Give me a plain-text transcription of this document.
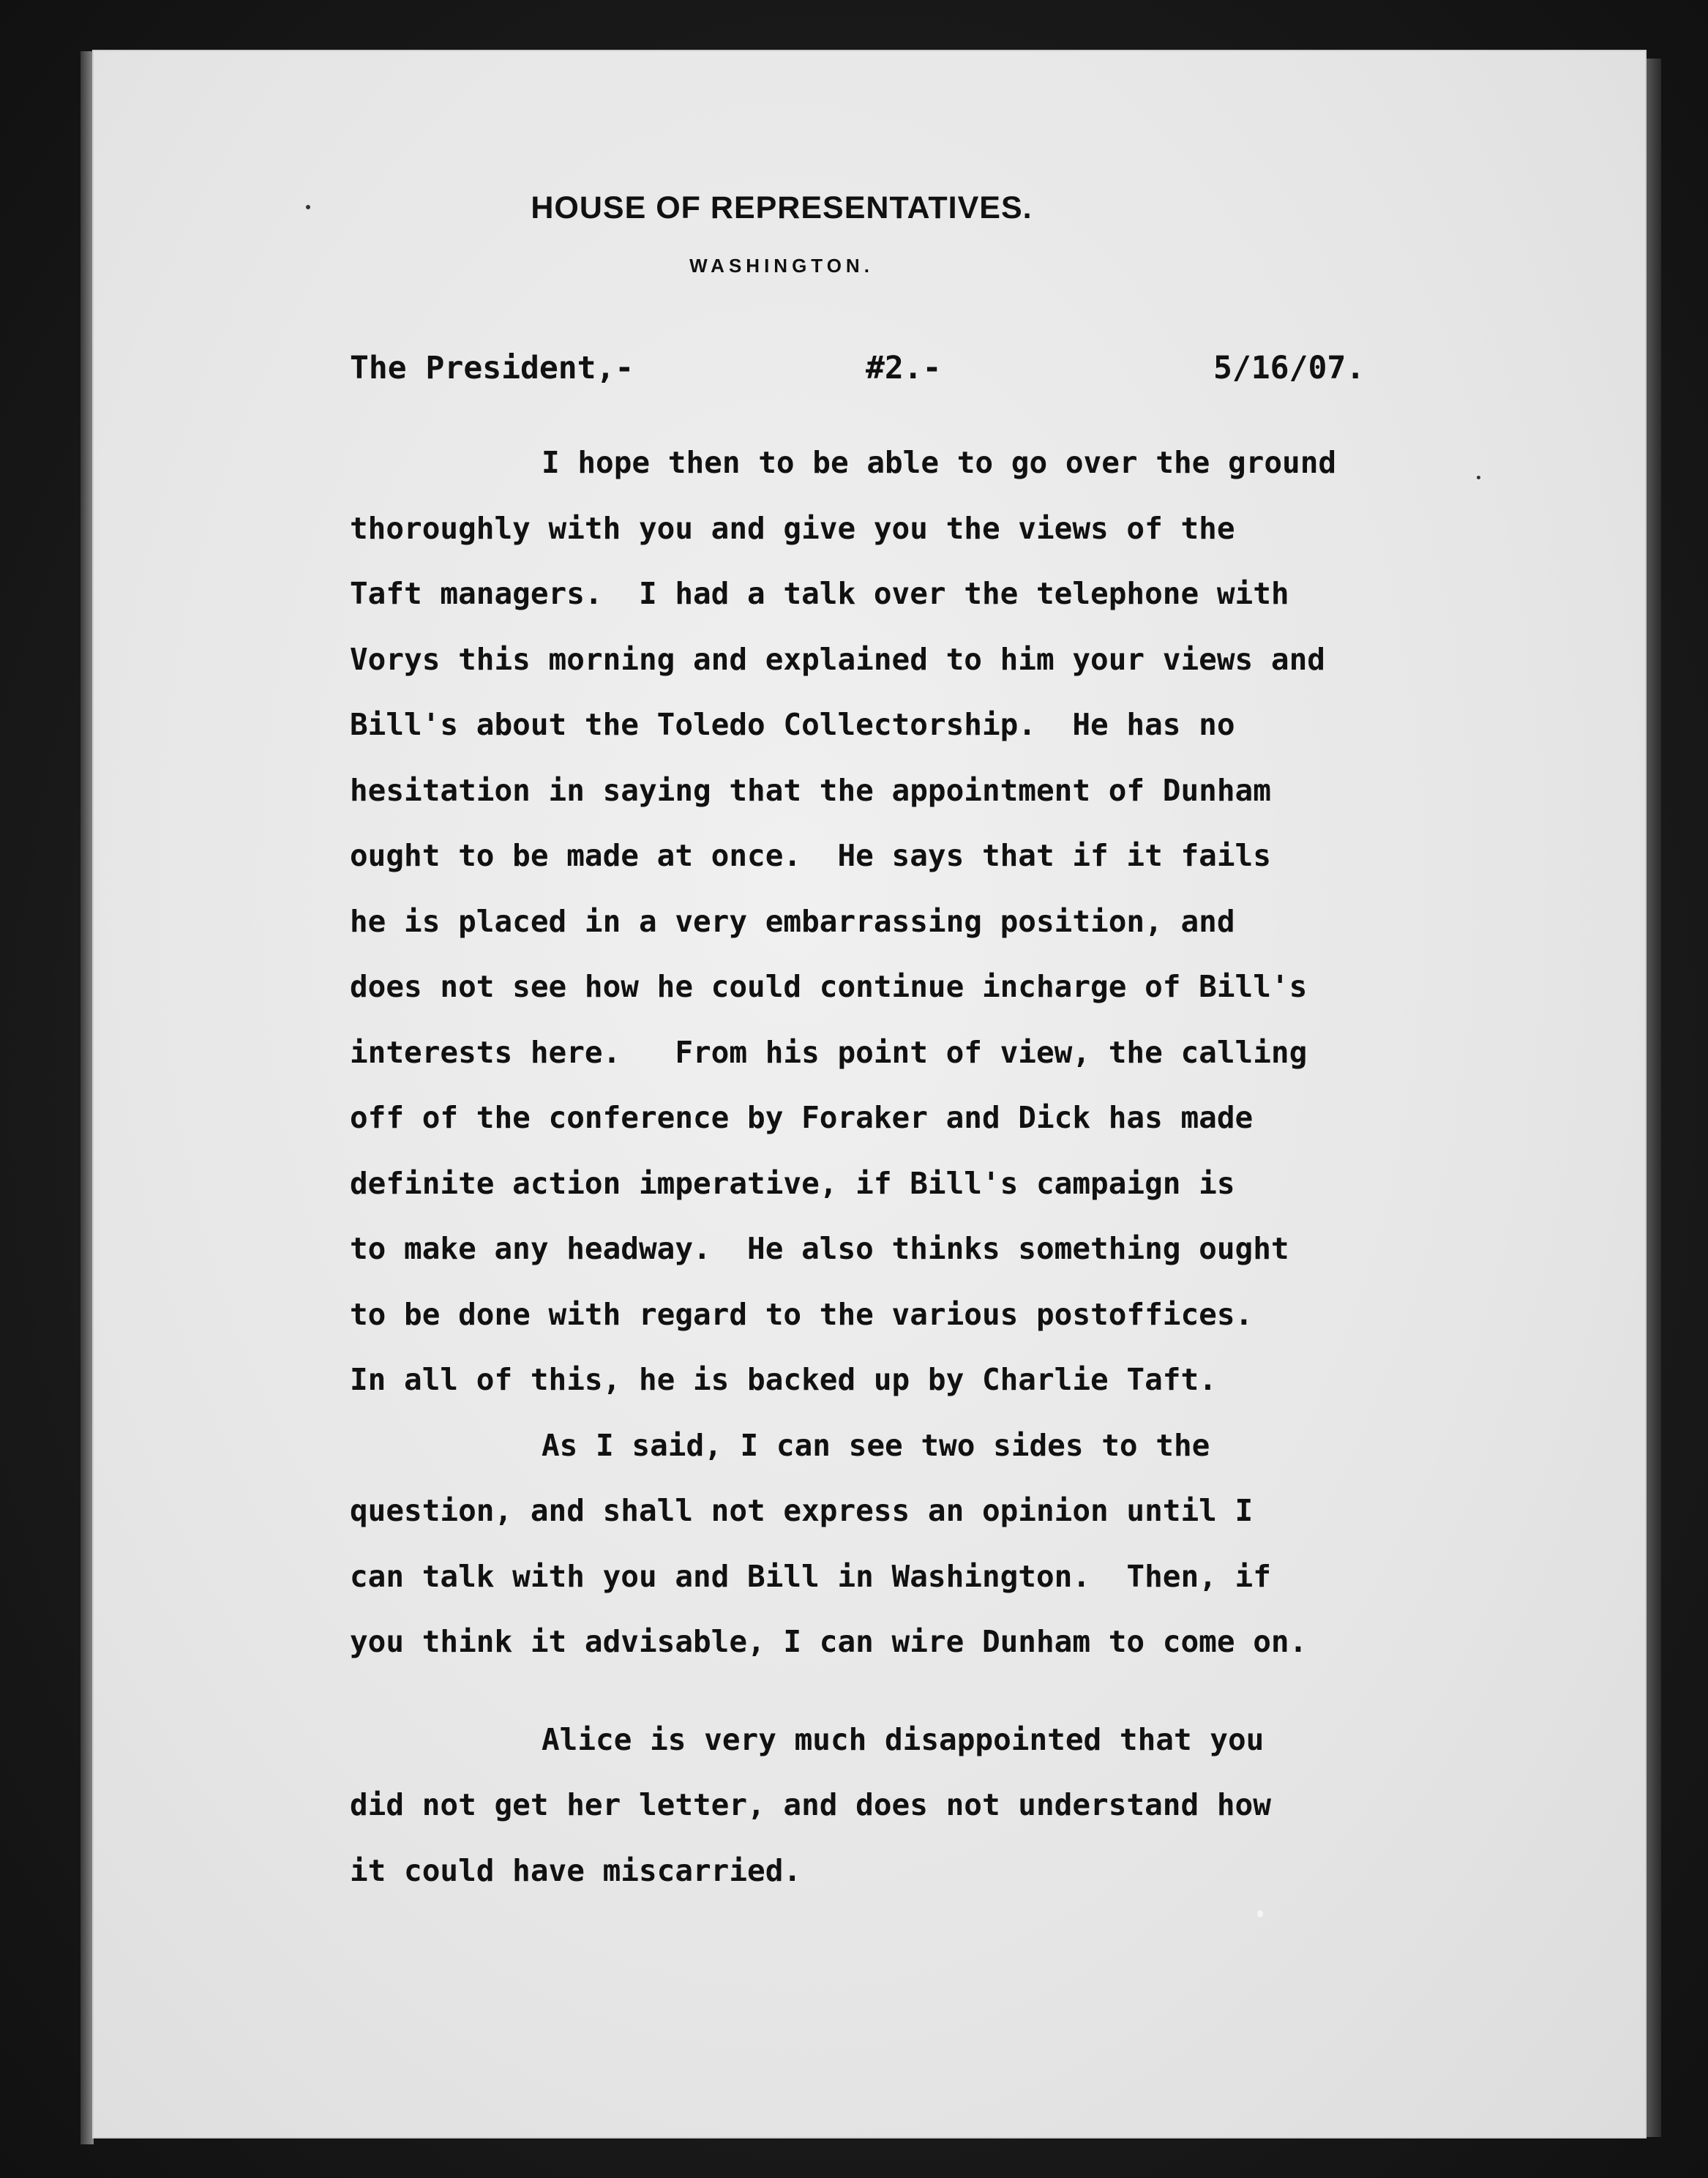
HOUSE OF REPRESENTATIVES.
WASHINGTON.
The President,-	#2.-	5/16/07.
I hope then to be able to go over the ground
thoroughly with you and give you the views of the
Taft managers.  I had a talk over the telephone with
Vorys this morning and explained to him your views and
Bill's about the Toledo Collectorship.  He has no
hesitation in saying that the appointment of Dunham
ought to be made at once.  He says that if it fails
he is placed in a very embarrassing position, and
does not see how he could continue incharge of Bill's
interests here.   From his point of view, the calling
off of the conference by Foraker and Dick has made
definite action imperative, if Bill's campaign is
to make any headway.  He also thinks something ought
to be done with regard to the various postoffices.
In all of this, he is backed up by Charlie Taft.
As I said, I can see two sides to the
question, and shall not express an opinion until I
can talk with you and Bill in Washington.  Then, if
you think it advisable, I can wire Dunham to come on.
Alice is very much disappointed that you
did not get her letter, and does not understand how
it could have miscarried.
